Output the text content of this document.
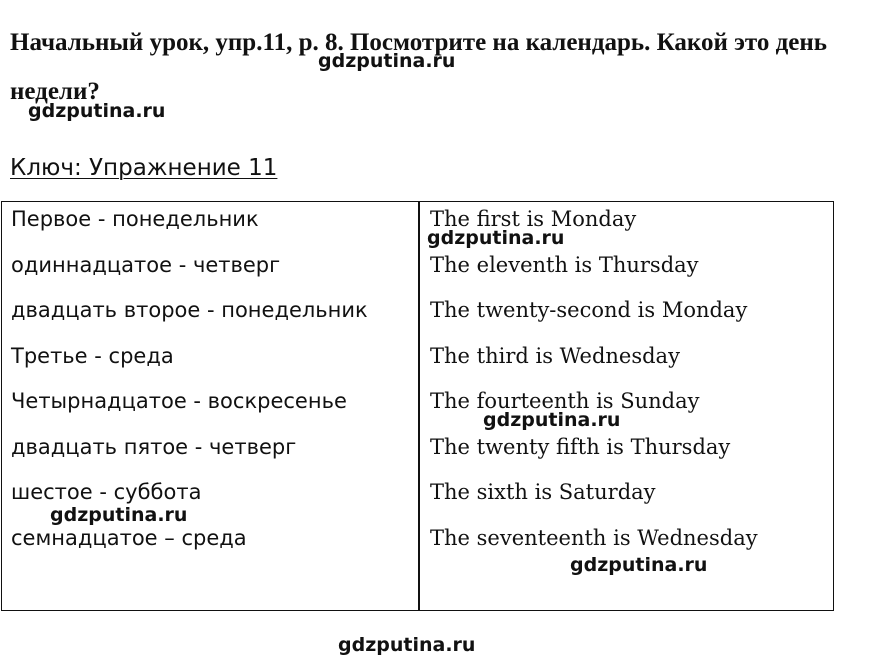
Начальный урок, упр.11, р. 8. Посмотрите на календарь. Какой это день недели?
gdzputina.ru
gdzputina.ru
Ключ: Упражнение 11
Первое - понедельник
одиннадцатое - четверг
двадцать второе - понедельник
Третье - среда
Четырнадцатое - воскресенье
двадцать пятое - четверг
шестое - суббота
семнадцатое – среда
The first is Monday
The eleventh is Thursday
The twenty-second is Monday
The third is Wednesday
The fourteenth is Sunday
The twenty fifth is Thursday
The sixth is Saturday
The seventeenth is Wednesday
gdzputina.ru
gdzputina.ru
gdzputina.ru
gdzputina.ru
gdzputina.ru
